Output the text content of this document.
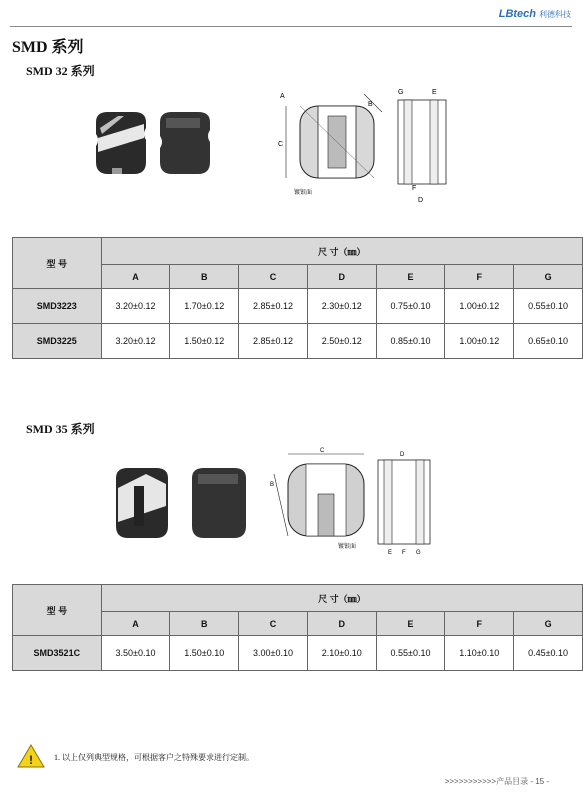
LBtech 利德科技
SMD 系列
SMD 32 系列
C
A
B
镀银面
G	E
F
D
型 号	尺 寸（㎜）						
	A	B	C	D	E	F	G
SMD3223	3.20±0.12	1.70±0.12	2.85±0.12	2.30±0.12	0.75±0.10	1.00±0.12	0.55±0.10
SMD3225	3.20±0.12	1.50±0.12	2.85±0.12	2.50±0.12	0.85±0.10	1.00±0.12	0.65±0.10
SMD 35 系列
C
B
镀银面
D
E F G
型 号	尺 寸（㎜）						
	A	B	C	D	E	F	G
SMD3521C	3.50±0.10	1.50±0.10	3.00±0.10	2.10±0.10	0.55±0.10	1.10±0.10	0.45±0.10
!	1. 以上仅列典型规格，可根据客户之特殊要求进行定制。
>>>>>>>>>>>产品目录 - 15 -
